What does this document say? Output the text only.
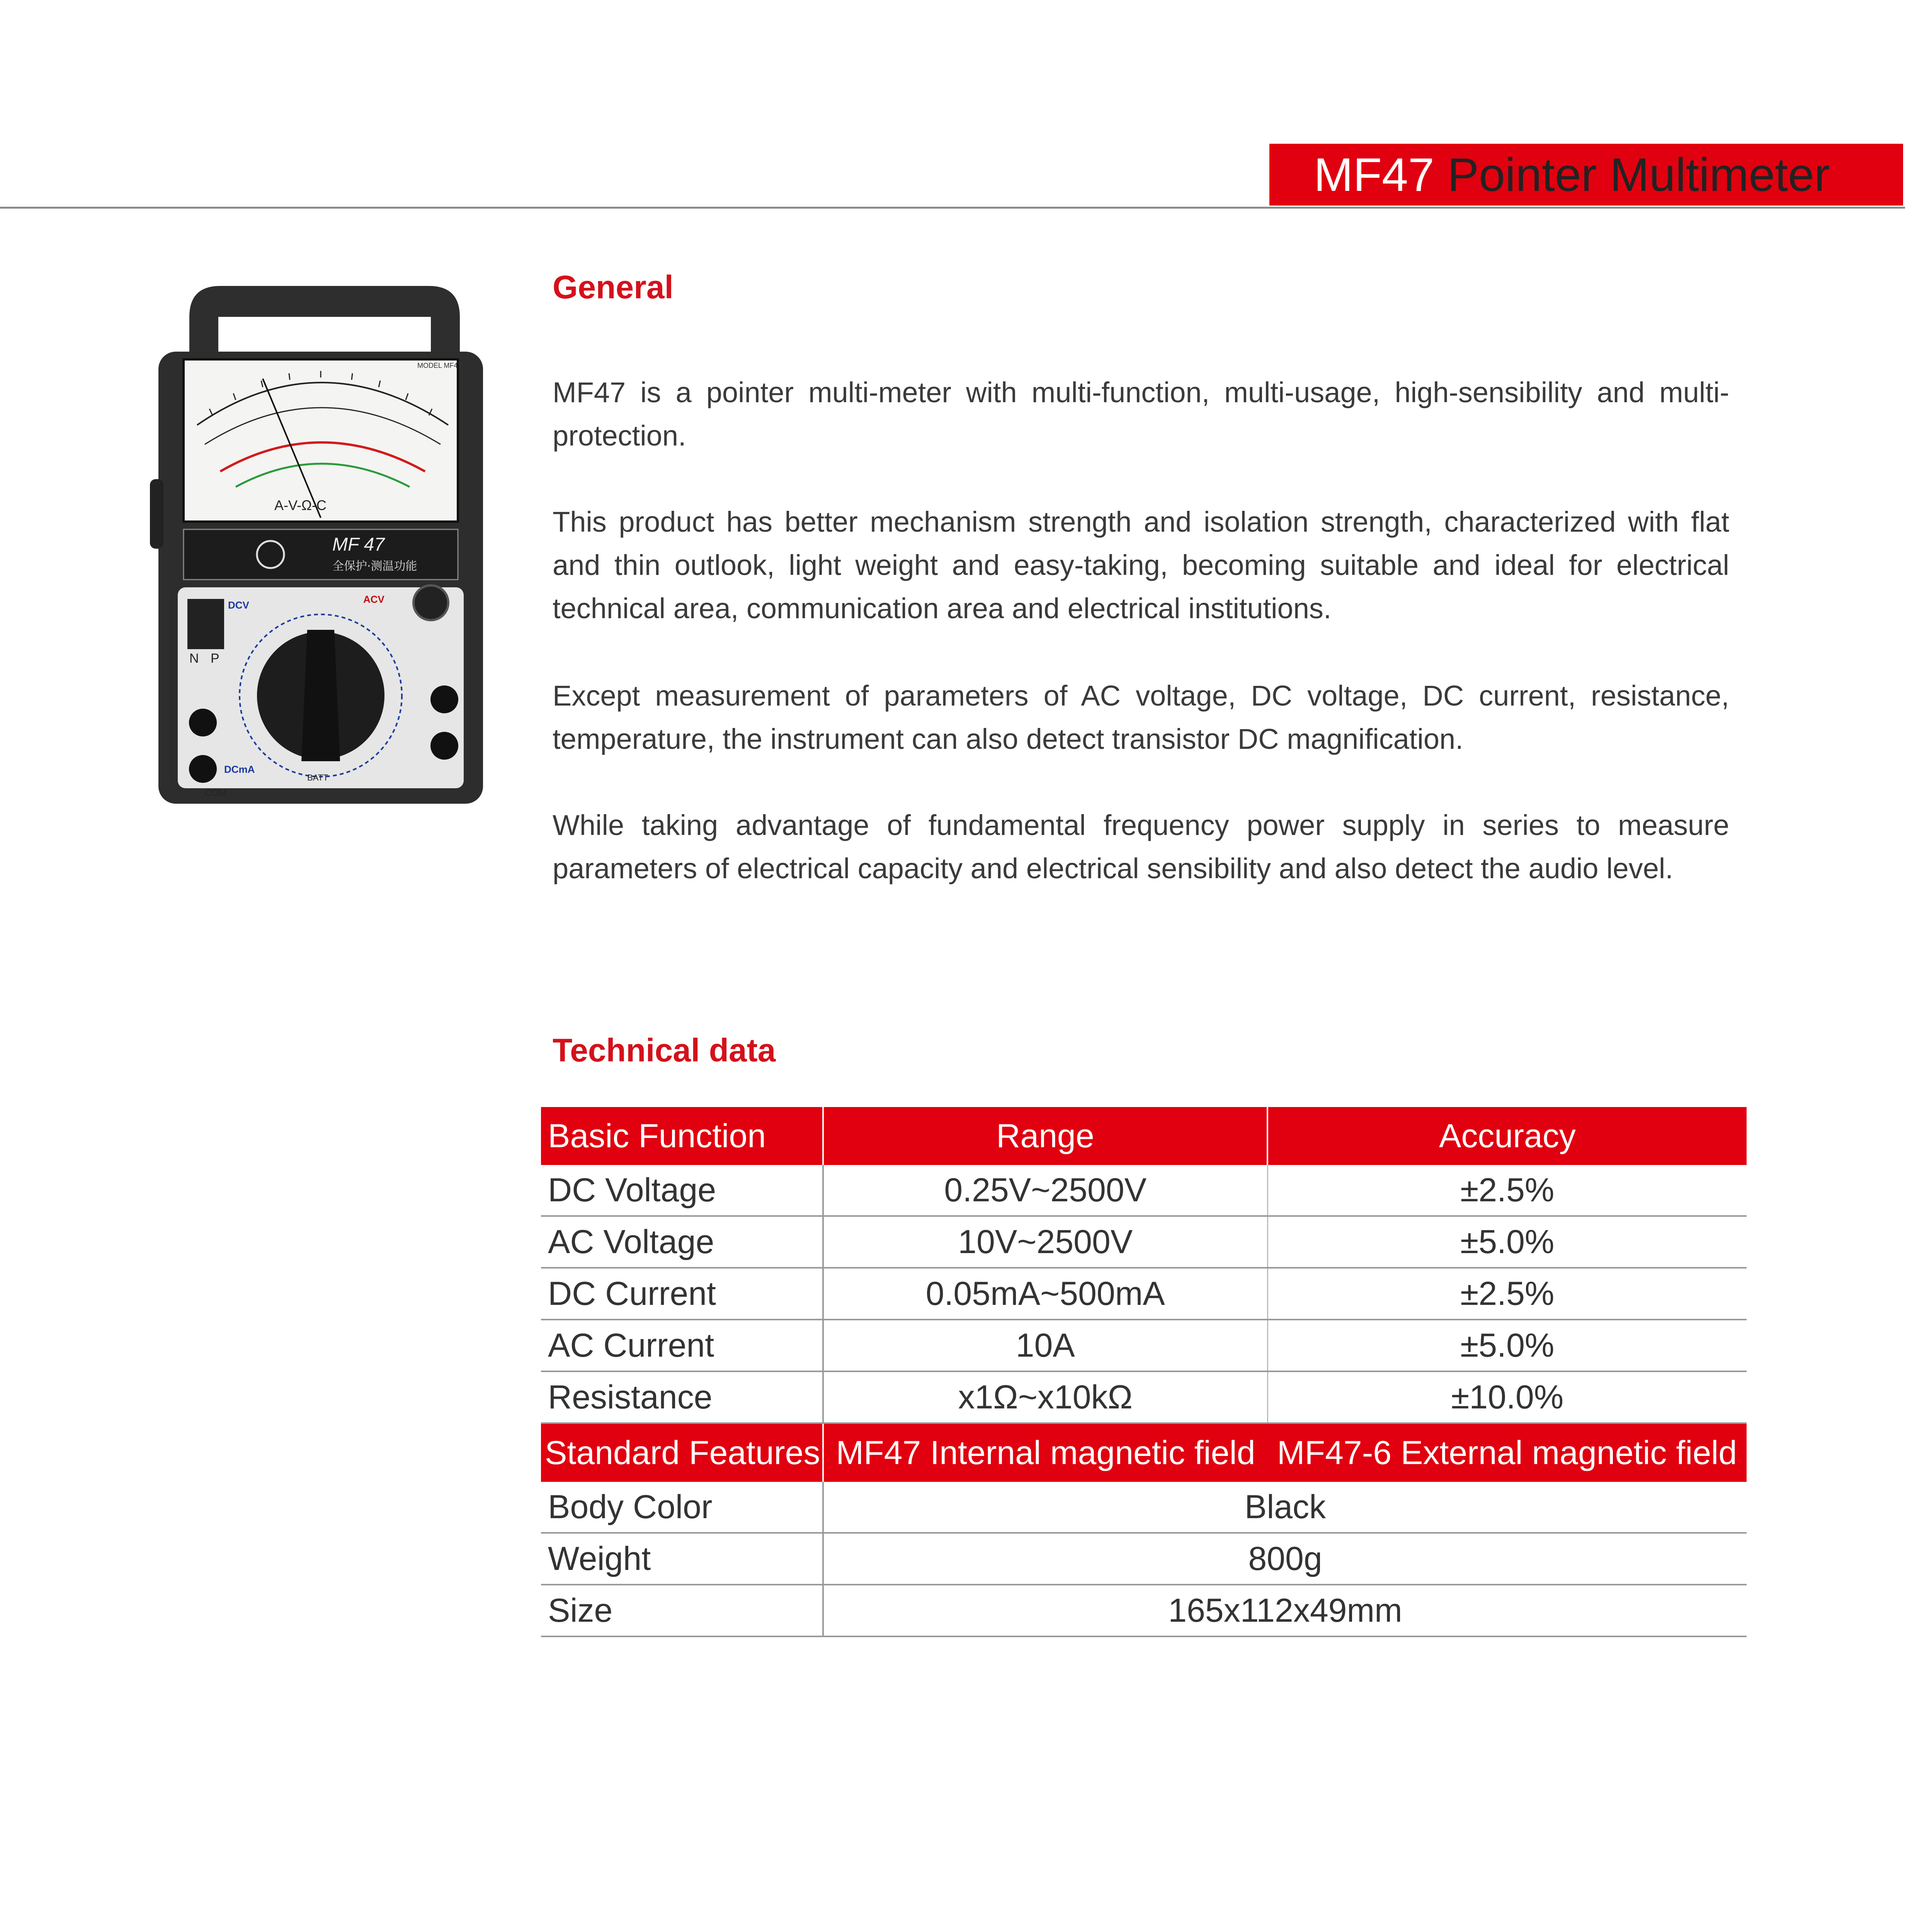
MF47 Pointer Multimeter
MODEL MF47
A-V-Ω-C
MF 47
全保护·测温功能
N P
DCV	ACV
DCmA
COM
BATT
General
MF47 is a pointer multi-meter with multi-function, multi-usage, high-sensibility and multi-protection.
This product has better mechanism strength and isolation strength, characterized with flat and thin outlook, light weight and easy-taking, becoming suitable and ideal for electrical technical area, communication area and electrical institutions.
Except measurement of parameters of AC voltage, DC voltage, DC current, resistance, temperature, the instrument can also detect transistor DC magnification.
While taking advantage of fundamental frequency power supply in series to measure parameters of electrical capacity and electrical sensibility and also detect the audio level.
Technical data
Basic Function	Range	Accuracy
DC Voltage	0.25V~2500V	±2.5%
AC Voltage	10V~2500V	±5.0%
DC Current	0.05mA~500mA	±2.5%
AC Current	10A	±5.0%
Resistance	x1Ω~x10kΩ	±10.0%
Standard Features	MF47 Internal magnetic field	MF47-6 External magnetic field
Body Color	Black	
Weight	800g	
Size	165x112x49mm	
